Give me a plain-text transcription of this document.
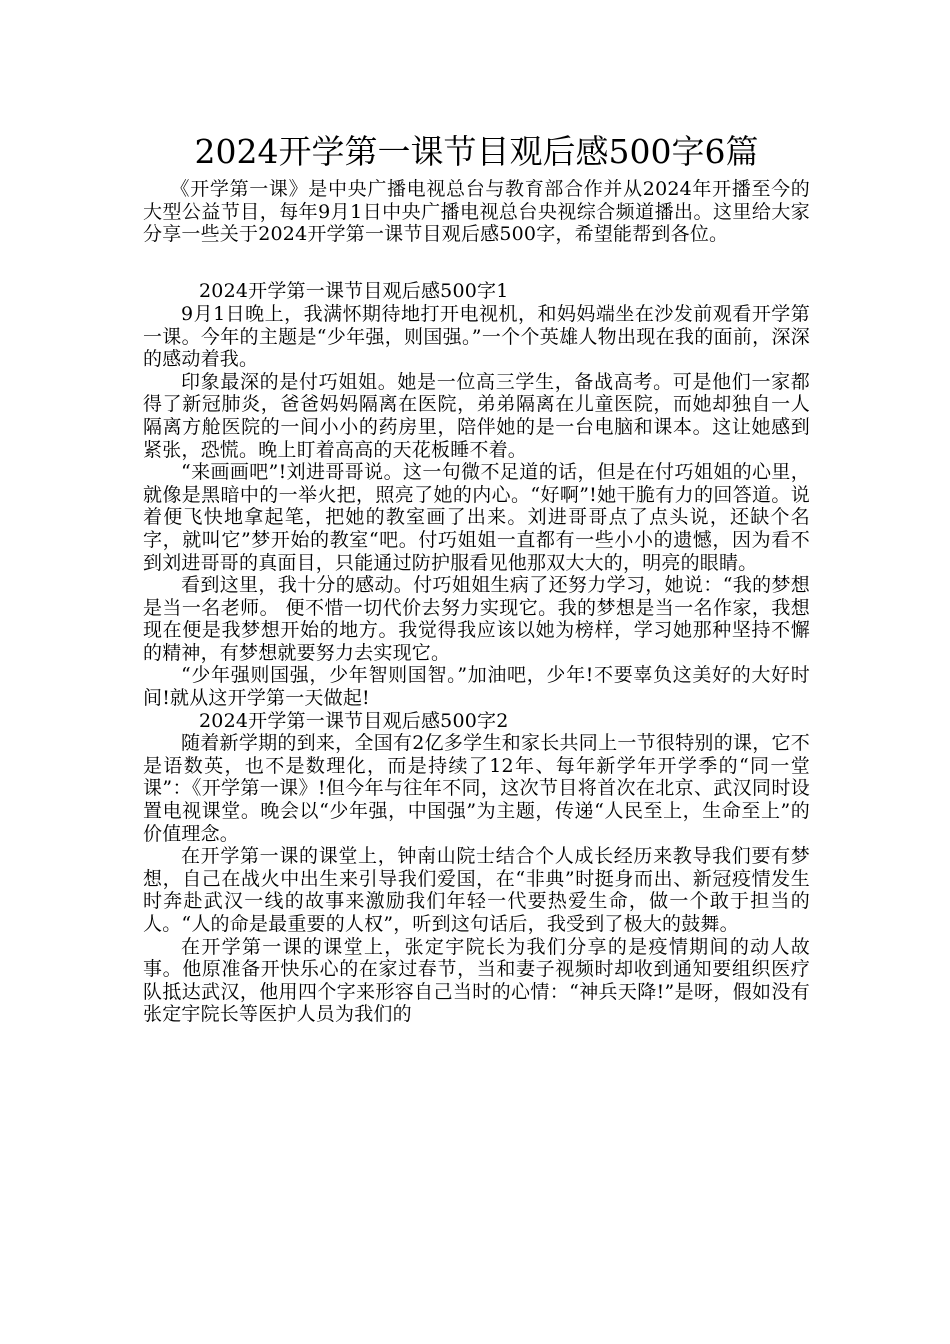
2024开学第一课节目观后感500字6篇

《开学第一课》是中央广播电视总台与教育部合作并从2024年开播至今的大型公益节目，每年9月1日中央广播电视总台央视综合频道播出。这里给大家分享一些关于2024开学第一课节目观后感500字，希望能帮到各位。

2024开学第一课节目观后感500字1

9月1日晚上，我满怀期待地打开电视机，和妈妈端坐在沙发前观看开学第一课。今年的主题是“少年强，则国强。”一个个英雄人物出现在我的面前，深深的感动着我。

印象最深的是付巧姐姐。她是一位高三学生，备战高考。可是他们一家都得了新冠肺炎，爸爸妈妈隔离在医院，弟弟隔离在儿童医院，而她却独自一人隔离方舱医院的一间小小的药房里，陪伴她的是一台电脑和课本。这让她感到紧张，恐慌。晚上盯着高高的天花板睡不着。

“来画画吧”!刘进哥哥说。这一句微不足道的话，但是在付巧姐姐的心里，就像是黑暗中的一举火把，照亮了她的内心。“好啊”!她干脆有力的回答道。说着便飞快地拿起笔，把她的教室画了出来。刘进哥哥点了点头说，还缺个名字，就叫它”梦开始的教室“吧。付巧姐姐一直都有一些小小的遗憾，因为看不到刘进哥哥的真面目，只能通过防护服看见他那双大大的，明亮的眼睛。

看到这里，我十分的感动。付巧姐姐生病了还努力学习，她说：“我的梦想是当一名老师。 便不惜一切代价去努力实现它。我的梦想是当一名作家，我想现在便是我梦想开始的地方。我觉得我应该以她为榜样，学习她那种坚持不懈的精神，有梦想就要努力去实现它。

“少年强则国强，少年智则国智。”加油吧，少年!不要辜负这美好的大好时间!就从这开学第一天做起!

2024开学第一课节目观后感500字2

随着新学期的到来，全国有2亿多学生和家长共同上一节很特别的课，它不是语数英，也不是数理化，而是持续了12年、每年新学年开学季的“同一堂课”：《开学第一课》!但今年与往年不同，这次节目将首次在北京、武汉同时设置电视课堂。晚会以“少年强，中国强”为主题，传递“人民至上，生命至上”的价值理念。

在开学第一课的课堂上，钟南山院士结合个人成长经历来教导我们要有梦想，自己在战火中出生来引导我们爱国，在“非典”时挺身而出、新冠疫情发生时奔赴武汉一线的故事来激励我们年轻一代要热爱生命，做一个敢于担当的人。“人的命是最重要的人权”，听到这句话后，我受到了极大的鼓舞。

在开学第一课的课堂上，张定宇院长为我们分享的是疫情期间的动人故事。他原准备开快乐心的在家过春节，当和妻子视频时却收到通知要组织医疗队抵达武汉，他用四个字来形容自己当时的心情：“神兵天降!”是呀，假如没有张定宇院长等医护人员为我们的
